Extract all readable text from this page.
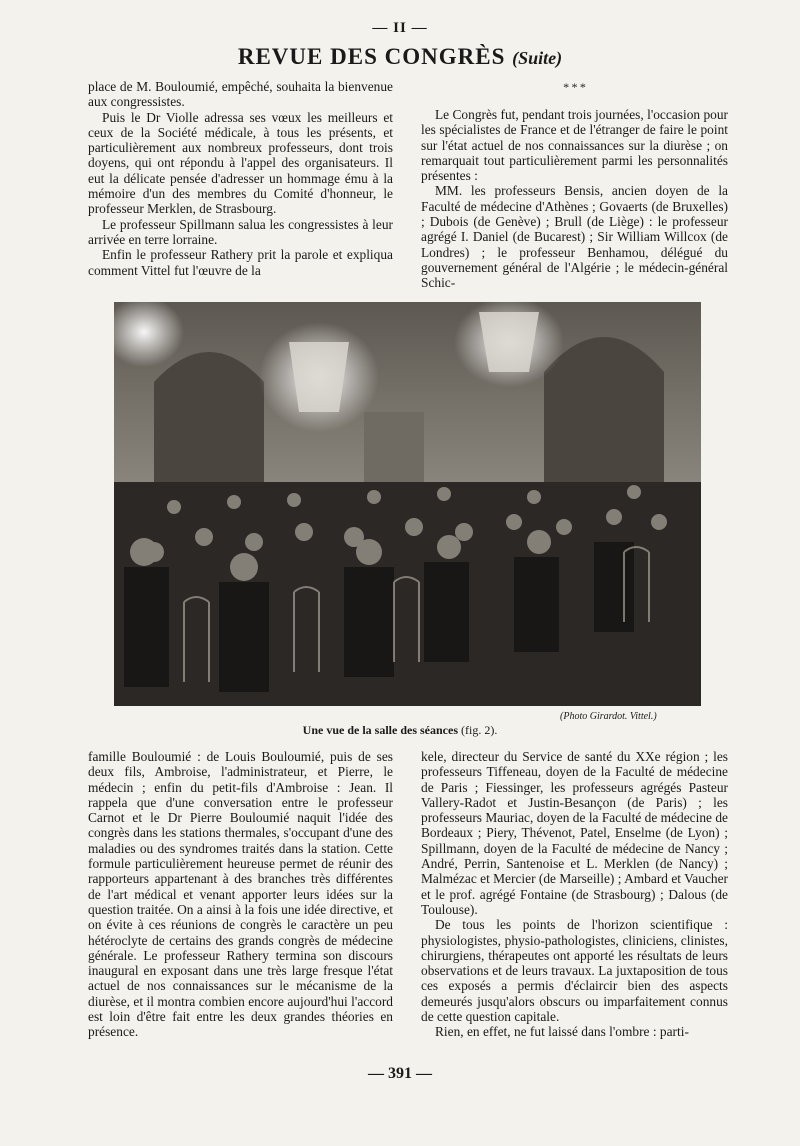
— II —
REVUE DES CONGRÈS (Suite)

place de M. Bouloumié, empêché, souhaita la bienvenue aux congressistes.

Puis le Dr Violle adressa ses vœux les meilleurs et ceux de la Société médicale, à tous les présents, et particulièrement aux nombreux professeurs, dont trois doyens, qui ont répondu à l'appel des organisateurs. Il eut la délicate pensée d'adresser un hommage ému à la mémoire d'un des membres du Comité d'honneur, le professeur Merklen, de Strasbourg.

Le professeur Spillmann salua les congressistes à leur arrivée en terre lorraine.

Enfin le professeur Rathery prit la parole et expliqua comment Vittel fut l'œuvre de la

* * *

Le Congrès fut, pendant trois journées, l'occasion pour les spécialistes de France et de l'étranger de faire le point sur l'état actuel de nos connaissances sur la diurèse ; on remarquait tout particulièrement parmi les personnalités présentes :

MM. les professeurs Bensis, ancien doyen de la Faculté de médecine d'Athènes ; Govaerts (de Bruxelles) ; Dubois (de Genève) ; Brull (de Liège) : le professeur agrégé I. Daniel (de Bucarest) ; Sir William Willcox (de Londres) ; le professeur Benhamou, délégué du gouvernement général de l'Algérie ; le médecin-général Schic-

(Photo Girardot. Vittel.)
Une vue de la salle des séances (fig. 2).

famille Bouloumié : de Louis Bouloumié, puis de ses deux fils, Ambroise, l'administrateur, et Pierre, le médecin ; enfin du petit-fils d'Ambroise : Jean. Il rappela que d'une conversation entre le professeur Carnot et le Dr Pierre Bouloumié naquit l'idée des congrès dans les stations thermales, s'occupant d'une des maladies ou des syndromes traités dans la station. Cette formule particulièrement heureuse permet de réunir des rapporteurs appartenant à des branches très différentes de l'art médical et venant apporter leurs idées sur la question traitée. On a ainsi à la fois une idée directive, et on évite à ces réunions de congrès le caractère un peu hétéroclyte de certains des grands congrès de médecine générale. Le professeur Rathery termina son discours inaugural en exposant dans une très large fresque l'état actuel de nos connaissances sur le mécanisme de la diurèse, et il montra combien encore aujourd'hui l'accord est loin d'être fait entre les deux grandes théories en présence.

kele, directeur du Service de santé du XXe région ; les professeurs Tiffeneau, doyen de la Faculté de médecine de Paris ; Fiessinger, les professeurs agrégés Pasteur Vallery-Radot et Justin-Besançon (de Paris) ; les professeurs Mauriac, doyen de la Faculté de médecine de Bordeaux ; Piery, Thévenot, Patel, Enselme (de Lyon) ; Spillmann, doyen de la Faculté de médecine de Nancy ; André, Perrin, Santenoise et L. Merklen (de Nancy) ; Malmézac et Mercier (de Marseille) ; Ambard et Vaucher et le prof. agrégé Fontaine (de Strasbourg) ; Dalous (de Toulouse).

De tous les points de l'horizon scientifique : physiologistes, physio-pathologistes, cliniciens, clinistes, chirurgiens, thérapeutes ont apporté les résultats de leurs observations et de leurs travaux. La juxtaposition de tous ces exposés a permis d'éclaircir bien des aspects demeurés jusqu'alors obscurs ou imparfaitement connus de cette question capitale.

Rien, en effet, ne fut laissé dans l'ombre : parti-

— 391 —
